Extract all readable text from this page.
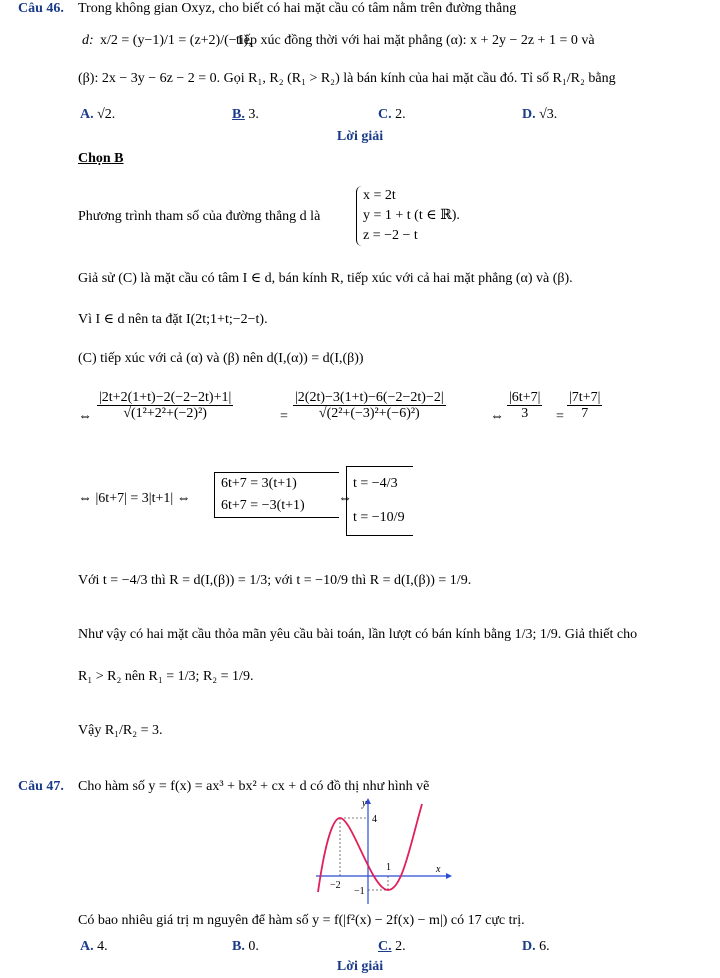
Câu 46. Trong không gian Oxyz, cho biết có hai mặt cầu có tâm nằm trên đường thẳng
d: x/2 = (y−1)/1 = (z+2)/(−1),
tiếp xúc đồng thời với hai mặt phẳng (α): x + 2y − 2z + 1 = 0 và
(β): 2x − 3y − 6z − 2 = 0. Gọi R₁, R₂ (R₁ > R₂) là bán kính của hai mặt cầu đó. Tỉ số R₁/R₂ bằng
A. √2.	B. 3.	C. 2.	D. √3.
Lời giải
Chọn B
Phương trình tham số của đường thẳng d là
x = 2t
y = 1 + t (t ∈ ℝ).
z = −2 − t
Giả sử (C) là mặt cầu có tâm I ∈ d, bán kính R, tiếp xúc với cả hai mặt phẳng (α) và (β).
Vì I ∈ d nên ta đặt I(2t;1+t;−2−t).
(C) tiếp xúc với cả (α) và (β) nên d(I,(α)) = d(I,(β))
⇔ $\frac{|2t+2(1+t)-2(-2-2t)+1|}{\text{√(1²+2²+(−2)²)}}$	= $\frac{|2(2t)-3(1+t)-6(-2-2t)-2|}{\text{√(2²+(−3)²+(−6)²)}}$	⇔ $\frac{|6t+7|}{3} = \frac{|7t+7|}{7}$
⇔ |6t+7| = 3|t+1| ⇔
6t+7 = 3(t+1)
6t+7 = −3(t+1)	⇔
t = −4/3
t = −10/9
Với t = −4/3 thì R = d(I,(β)) = 1/3; với t = −10/9 thì R = d(I,(β)) = 1/9.
Như vậy có hai mặt cầu thỏa mãn yêu cầu bài toán, lần lượt có bán kính bằng 1/3; 1/9. Giả thiết cho
R₁ > R₂ nên R₁ = 1/3; R₂ = 1/9.
Vậy R₁/R₂ = 3.
Câu 47. Cho hàm số y = f(x) = ax³ + bx² + cx + d có đồ thị như hình vẽ
y
x
4
1
−2
−1
Có bao nhiêu giá trị m nguyên để hàm số y = f(|f²(x) − 2f(x) − m|) có 17 cực trị.
A. 4.	B. 0.	C. 2.	D. 6.
Lời giải
